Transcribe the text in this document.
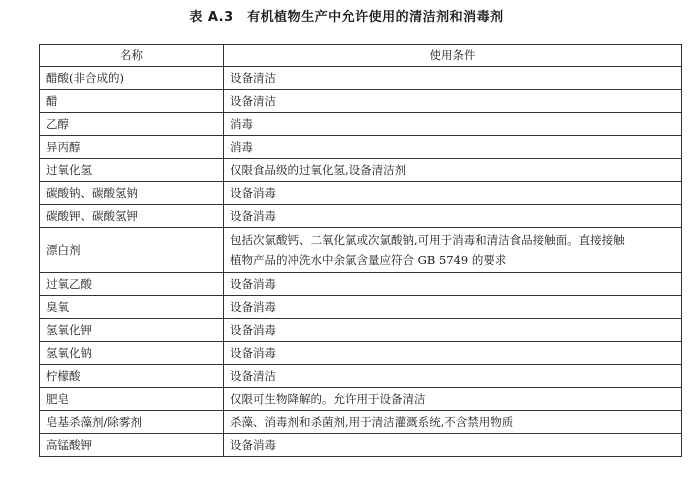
表 A.3　有机植物生产中允许使用的清洁剂和消毒剂
名称	使用条件
醋酸(非合成的)	设备清洁
醋	设备清洁
乙醇	消毒
异丙醇	消毒
过氧化氢	仅限食品级的过氧化氢,设备清洁剂
碳酸钠、碳酸氢钠	设备消毒
碳酸钾、碳酸氢钾	设备消毒
漂白剂	包括次氯酸钙、二氧化氯或次氯酸钠,可用于消毒和清洁食品接触面。直接接触
植物产品的冲洗水中余氯含量应符合 GB 5749 的要求

过氧乙酸	设备消毒
臭氧	设备消毒
氢氧化钾	设备消毒
氢氧化钠	设备消毒
柠檬酸	设备清洁
肥皂	仅限可生物降解的。允许用于设备清洁
皂基杀藻剂/除雾剂	杀藻、消毒剂和杀菌剂,用于清洁灌溉系统,不含禁用物质
高锰酸钾	设备消毒
